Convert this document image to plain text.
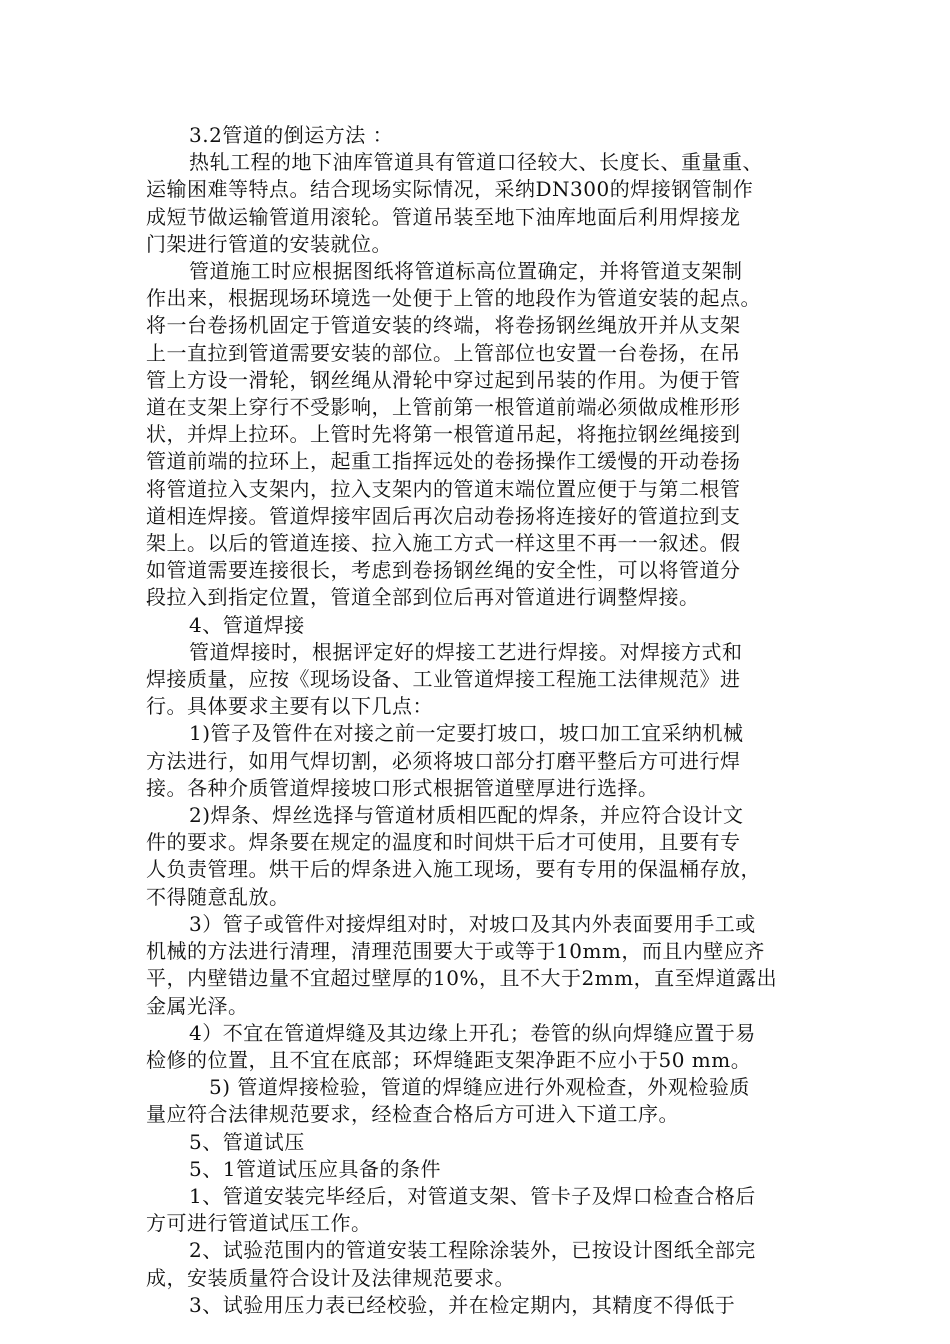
3.2管道的倒运方法 ：

热轧工程的地下油库管道具有管道口径较大、长度长、重量重、

运输困难等特点。结合现场实际情况，采纳DN300的焊接钢管制作

成短节做运输管道用滚轮。管道吊装至地下油库地面后利用焊接龙

门架进行管道的安装就位。

管道施工时应根据图纸将管道标高位置确定，并将管道支架制

作出来，根据现场环境选一处便于上管的地段作为管道安装的起点。

将一台卷扬机固定于管道安装的终端，将卷扬钢丝绳放开并从支架

上一直拉到管道需要安装的部位。上管部位也安置一台卷扬，在吊

管上方设一滑轮，钢丝绳从滑轮中穿过起到吊装的作用。为便于管

道在支架上穿行不受影响，上管前第一根管道前端必须做成椎形形

状，并焊上拉环。上管时先将第一根管道吊起，将拖拉钢丝绳接到

管道前端的拉环上，起重工指挥远处的卷扬操作工缓慢的开动卷扬

将管道拉入支架内，拉入支架内的管道末端位置应便于与第二根管

道相连焊接。管道焊接牢固后再次启动卷扬将连接好的管道拉到支

架上。以后的管道连接、拉入施工方式一样这里不再一一叙述。假

如管道需要连接很长，考虑到卷扬钢丝绳的安全性，可以将管道分

段拉入到指定位置，管道全部到位后再对管道进行调整焊接。

4、管道焊接

管道焊接时，根据评定好的焊接工艺进行焊接。对焊接方式和

焊接质量，应按《现场设备、工业管道焊接工程施工法律规范》进

行。具体要求主要有以下几点：

1)管子及管件在对接之前一定要打坡口，坡口加工宜采纳机械

方法进行，如用气焊切割，必须将坡口部分打磨平整后方可进行焊

接。各种介质管道焊接坡口形式根据管道壁厚进行选择。

2)焊条、焊丝选择与管道材质相匹配的焊条，并应符合设计文

件的要求。焊条要在规定的温度和时间烘干后才可使用，且要有专

人负责管理。烘干后的焊条进入施工现场，要有专用的保温桶存放，

不得随意乱放。

3）管子或管件对接焊组对时，对坡口及其内外表面要用手工或

机械的方法进行清理，清理范围要大于或等于10mm，而且内壁应齐

平，内壁错边量不宜超过壁厚的10%，且不大于2mm，直至焊道露出

金属光泽。

4）不宜在管道焊缝及其边缘上开孔；卷管的纵向焊缝应置于易

检修的位置，且不宜在底部；环焊缝距支架净距不应小于50 mm。

5) 管道焊接检验，管道的焊缝应进行外观检查，外观检验质

量应符合法律规范要求，经检查合格后方可进入下道工序。

5、管道试压

5、1管道试压应具备的条件

1、管道安装完毕经后，对管道支架、管卡子及焊口检查合格后

方可进行管道试压工作。

2、试验范围内的管道安装工程除涂装外，已按设计图纸全部完

成，安装质量符合设计及法律规范要求。

3、试验用压力表已经校验，并在检定期内，其精度不得低于
